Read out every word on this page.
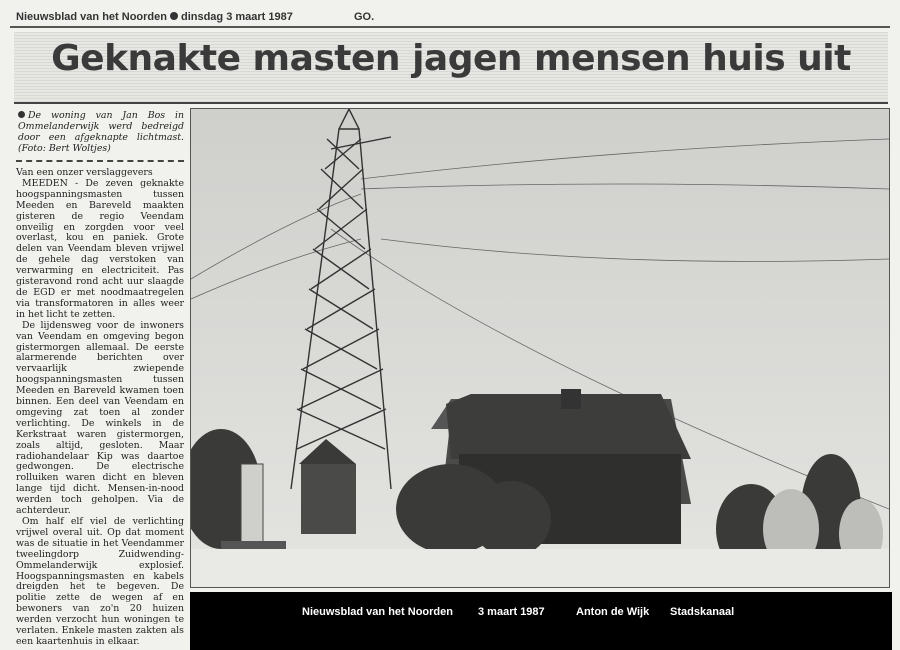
Nieuwsblad van het Noorden dinsdag 3 maart 1987	GO.
Geknakte masten jagen mensen huis uit
De woning van Jan Bos in Ommelanderwijk werd bedreigd door een afgeknapte lichtmast. (Foto: Bert Woltjes)

Van een onzer verslaggevers

MEEDEN - De zeven geknakte hoogspanningsmasten tussen Meeden en Bareveld maakten gisteren de regio Veendam onveilig en zorgden voor veel overlast, kou en paniek. Grote delen van Veendam bleven vrijwel de gehele dag verstoken van verwarming en electriciteit. Pas gisteravond rond acht uur slaagde de EGD er met noodmaatregelen via transformatoren in alles weer in het licht te zetten.

De lijdensweg voor de inwoners van Veendam en omgeving begon gistermorgen allemaal. De eerste alarmerende berichten over vervaarlijk zwiepende hoogspanningsmasten tussen Meeden en Bareveld kwamen toen binnen. Een deel van Veendam en omgeving zat toen al zonder verlichting. De winkels in de Kerkstraat waren gistermorgen, zoals altijd, gesloten. Maar radiohandelaar Kip was daartoe gedwongen. De electrische rolluiken waren dicht en bleven lange tijd dicht. Mensen-in-nood werden toch geholpen. Via de achterdeur.

Om half elf viel de verlichting vrijwel overal uit. Op dat moment was de situatie in het Veendammer tweelingdorp Zuidwending-Ommelanderwijk explosief. Hoogspanningsmasten en kabels dreigden het te begeven. De politie zette de wegen af en bewoners van zo'n 20 huizen werden verzocht hun woningen te verlaten. Enkele masten zakten als een kaartenhuis in elkaar.

Nieuwsblad van het Noorden 3 maart 1987	Anton de Wijk Stadskanaal
